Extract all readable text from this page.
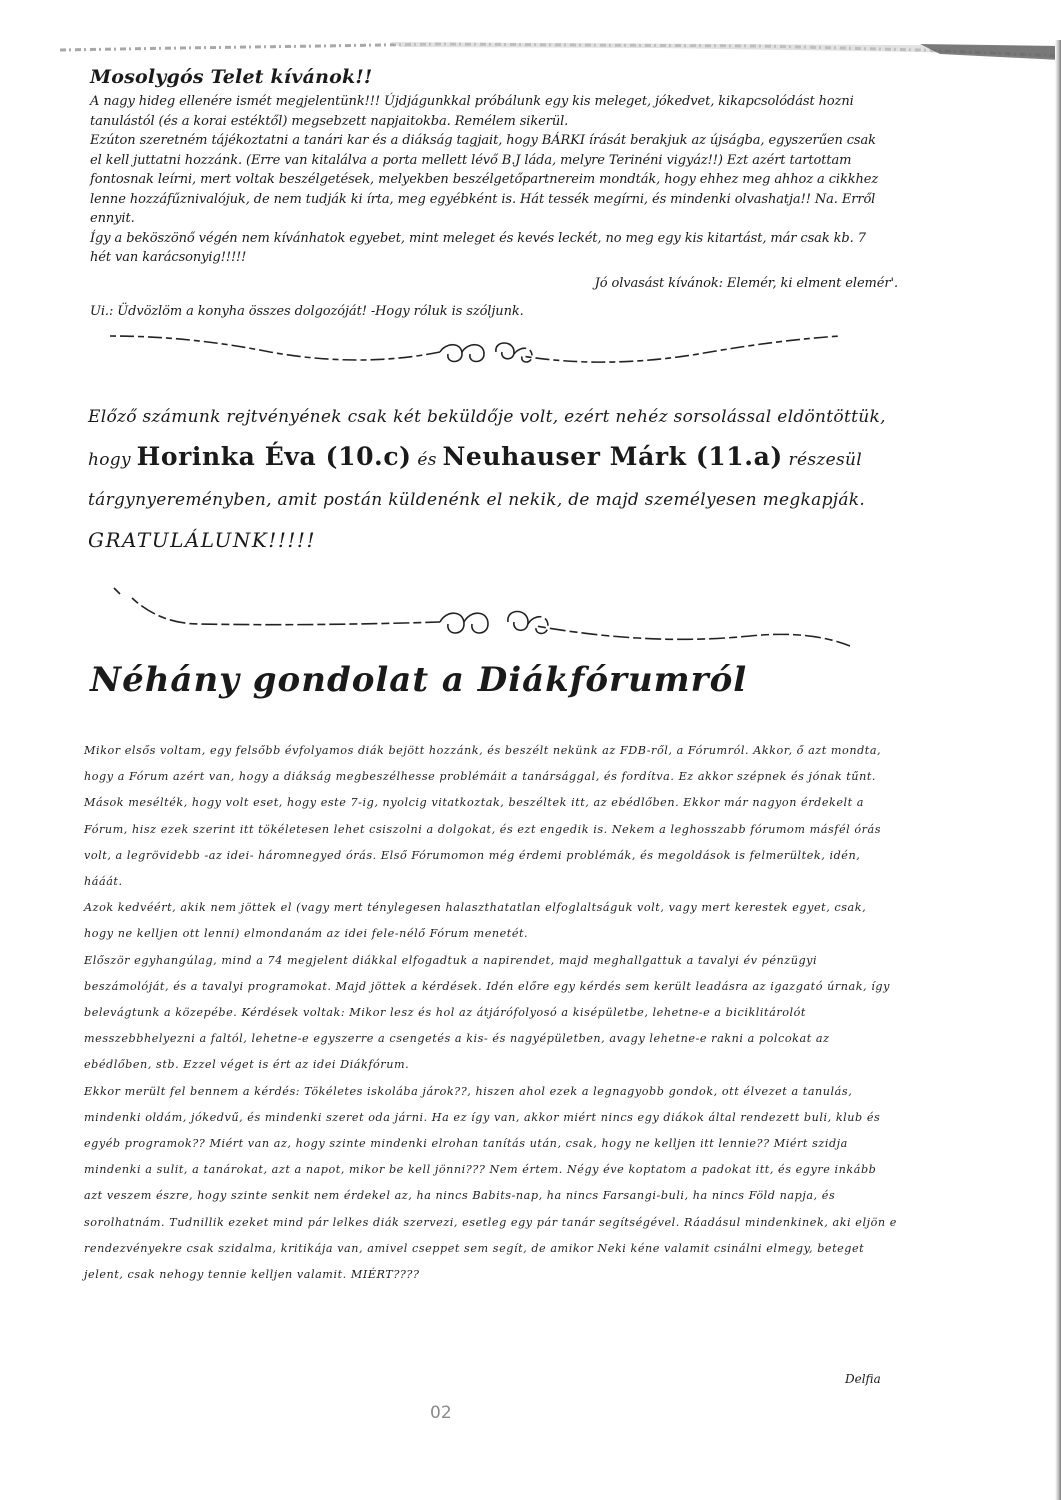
Mosolygós Telet kívánok!!

A nagy hideg ellenére ismét megjelentünk!!! Újdjágunkkal próbálunk egy kis meleget, jókedvet, kikapcsolódást hozni tanulástól (és a korai estéktől) megsebzett napjaitokba. Remélem sikerül.

Ezúton szeretném tájékoztatni a tanári kar és a diákság tagjait, hogy BÁRKI írását berakjuk az újságba, egyszerűen csak el kell juttatni hozzánk. (Erre van kitalálva a porta mellett lévő B.J láda, melyre Terinéni vigyáz!!) Ezt azért tartottam fontosnak leírni, mert voltak beszélgetések, melyekben beszélgetőpartnereim mondták, hogy ehhez meg ahhoz a cikkhez lenne hozzáfűznivalójuk, de nem tudják ki írta, meg egyébként is. Hát tessék megírni, és mindenki olvashatja!! Na. Erről ennyit.

Így a beköszönő végén nem kívánhatok egyebet, mint meleget és kevés leckét, no meg egy kis kitartást, már csak kb. 7 hét van karácsonyig!!!!!

Jó olvasást kívánok: Elemér, ki elment elemér'.

Ui.: Üdvözlöm a konyha összes dolgozóját! -Hogy róluk is szóljunk.

Előző számunk rejtvényének csak két beküldője volt, ezért nehéz sorsolással eldöntöttük,

hogy Horinka Éva (10.c) és Neuhauser Márk (11.a) részesül

tárgynyereményben, amit postán küldenénk el nekik, de majd személyesen megkapják.

GRATULÁLUNK!!!!!

Néhány gondolat a Diákfórumról

Mikor elsős voltam, egy felsőbb évfolyamos diák bejött hozzánk, és beszélt nekünk az FDB-ről, a Fórumról. Akkor, ő azt mondta, hogy a Fórum azért van, hogy a diákság megbeszélhesse problémáit a tanársággal, és fordítva. Ez akkor szépnek és jónak tűnt. Mások mesélték, hogy volt eset, hogy este 7-ig, nyolcig vitatkoztak, beszéltek itt, az ebédlőben. Ekkor már nagyon érdekelt a Fórum, hisz ezek szerint itt tökéletesen lehet csiszolni a dolgokat, és ezt engedik is. Nekem a leghosszabb fórumom másfél órás volt, a legrövidebb -az idei- háromnegyed órás. Első Fórumomon még érdemi problémák, és megoldások is felmerültek, idén, hááát.

Azok kedvéért, akik nem jöttek el (vagy mert ténylegesen halaszthatatlan elfoglaltságuk volt, vagy mert kerestek egyet, csak, hogy ne kelljen ott lenni) elmondanám az idei fele-nélő Fórum menetét.

Először egyhangúlag, mind a 74 megjelent diákkal elfogadtuk a napirendet, majd meghallgattuk a tavalyi év pénzügyi beszámolóját, és a tavalyi programokat. Majd jöttek a kérdések. Idén előre egy kérdés sem került leadásra az igazgató úrnak, így belevágtunk a közepébe. Kérdések voltak: Mikor lesz és hol az átjárófolyosó a kisépületbe, lehetne-e a biciklitárolót messzebbhelyezni a faltól, lehetne-e egyszerre a csengetés a kis- és nagyépületben, avagy lehetne-e rakni a polcokat az ebédlőben, stb. Ezzel véget is ért az idei Diákfórum.

Ekkor merült fel bennem a kérdés: Tökéletes iskolába járok??, hiszen ahol ezek a legnagyobb gondok, ott élvezet a tanulás, mindenki oldám, jókedvű, és mindenki szeret oda járni. Ha ez így van, akkor miért nincs egy diákok által rendezett buli, klub és egyéb programok?? Miért van az, hogy szinte mindenki elrohan tanítás után, csak, hogy ne kelljen itt lennie?? Miért szidja mindenki a sulit, a tanárokat, azt a napot, mikor be kell jönni??? Nem értem. Négy éve koptatom a padokat itt, és egyre inkább azt veszem észre, hogy szinte senkit nem érdekel az, ha nincs Babits-nap, ha nincs Farsangi-buli, ha nincs Föld napja, és sorolhatnám. Tudnillik ezeket mind pár lelkes diák szervezi, esetleg egy pár tanár segítségével. Ráadásul mindenkinek, aki eljön e rendezvényekre csak szidalma, kritikája van, amivel cseppet sem segít, de amikor Neki kéne valamit csinálni elmegy, beteget jelent, csak nehogy tennie kelljen valamit. MIÉRT????

Delfia

02
